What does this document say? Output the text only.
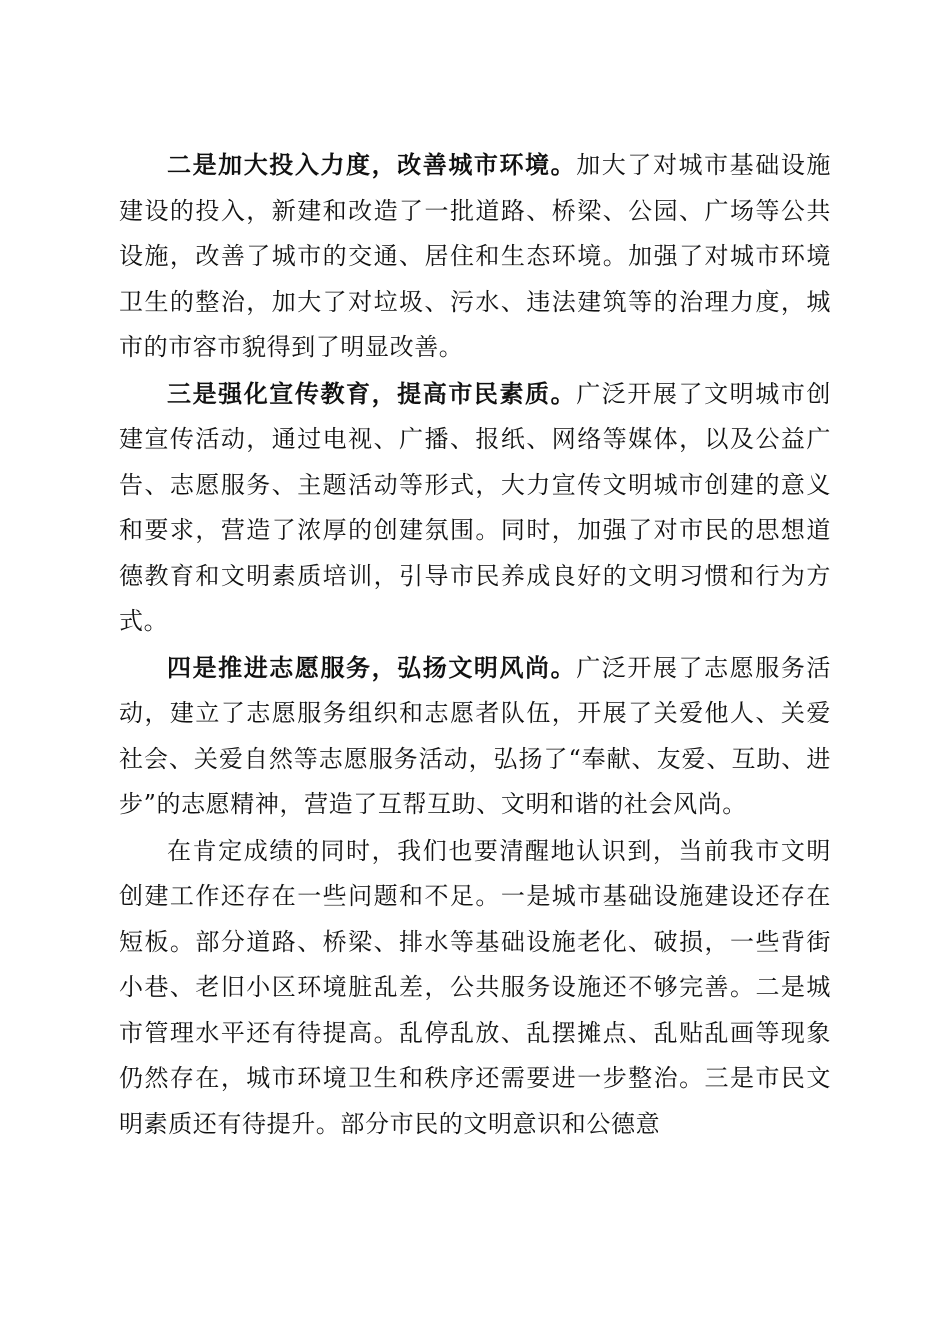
二是加大投入力度，改善城市环境。加大了对城市基础设施建设的投入，新建和改造了一批道路、桥梁、公园、广场等公共设施，改善了城市的交通、居住和生态环境。加强了对城市环境卫生的整治，加大了对垃圾、污水、违法建筑等的治理力度，城市的市容市貌得到了明显改善。

三是强化宣传教育，提高市民素质。广泛开展了文明城市创建宣传活动，通过电视、广播、报纸、网络等媒体，以及公益广告、志愿服务、主题活动等形式，大力宣传文明城市创建的意义和要求，营造了浓厚的创建氛围。同时，加强了对市民的思想道德教育和文明素质培训，引导市民养成良好的文明习惯和行为方式。

四是推进志愿服务，弘扬文明风尚。广泛开展了志愿服务活动，建立了志愿服务组织和志愿者队伍，开展了关爱他人、关爱社会、关爱自然等志愿服务活动，弘扬了“奉献、友爱、互助、进步”的志愿精神，营造了互帮互助、文明和谐的社会风尚。

在肯定成绩的同时，我们也要清醒地认识到，当前我市文明创建工作还存在一些问题和不足。一是城市基础设施建设还存在短板。部分道路、桥梁、排水等基础设施老化、破损，一些背街小巷、老旧小区环境脏乱差，公共服务设施还不够完善。二是城市管理水平还有待提高。乱停乱放、乱摆摊点、乱贴乱画等现象仍然存在，城市环境卫生和秩序还需要进一步整治。三是市民文明素质还有待提升。部分市民的文明意识和公德意
